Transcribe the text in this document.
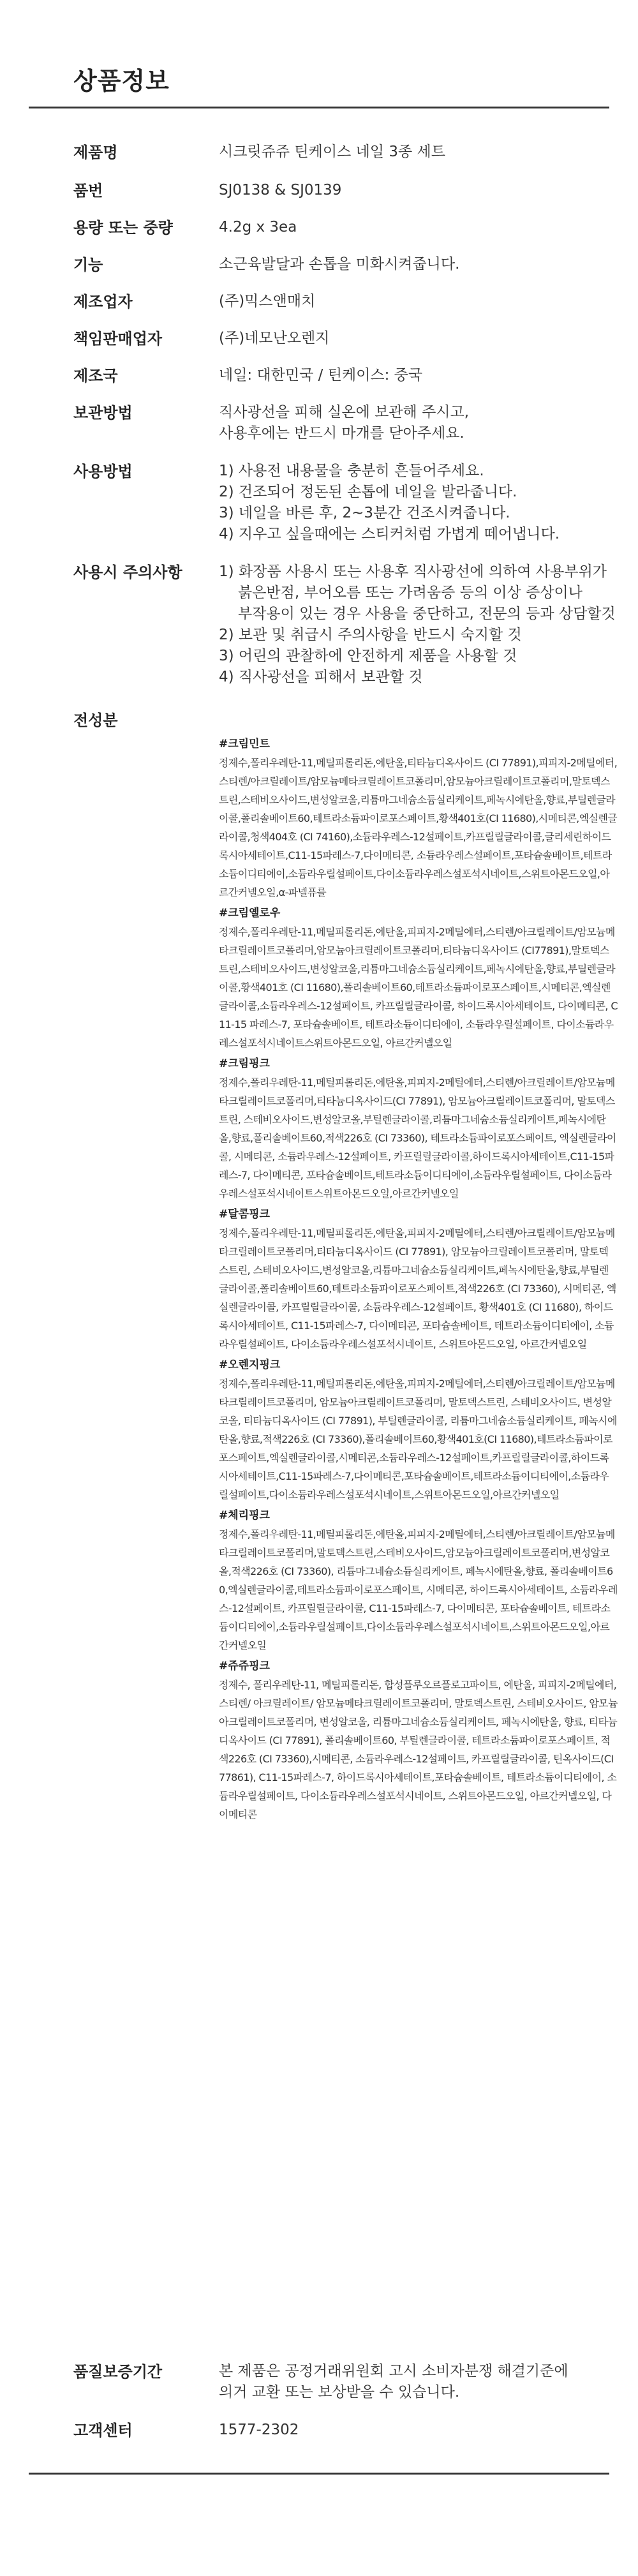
상품정보
제품명	시크릿쥬쥬 틴케이스 네일 3종 세트
품번	SJ0138 & SJ0139
용량 또는 중량	4.2g x 3ea
기능	소근육발달과 손톱을 미화시켜줍니다.
제조업자	(주)믹스앤매치
책임판매업자	(주)네모난오렌지
제조국	네일: 대한민국 / 틴케이스: 중국
보관방법	직사광선을 피해 실온에 보관해 주시고,
사용후에는 반드시 마개를 닫아주세요.
사용방법	1) 사용전 내용물을 충분히 흔들어주세요.
2) 건조되어 정돈된 손톱에 네일을 발라줍니다.
3) 네일을 바른 후, 2~3분간 건조시켜줍니다.
4) 지우고 싶을때에는 스티커처럼 가볍게 떼어냅니다.
사용시 주의사항 1) 화장품 사용시 또는 사용후 직사광선에 의하여 사용부위가
붉은반점, 부어오름 또는 가려움증 등의 이상 증상이나
부작용이 있는 경우 사용을 중단하고, 전문의 등과 상담할것
2) 보관 및 취급시 주의사항을 반드시 숙지할 것
3) 어린의 관찰하에 안전하게 제품을 사용할 것
4) 직사광선을 피해서 보관할 것
전성분
#크림민트
정제수,폴리우레탄-11,메틸피롤리돈,에탄올,티타늄디옥사이드 (CI 77891),피피지-2메틸에터,스티렌/아크릴레이트/암모늄메타크릴레이트코폴리머,암모늄아크릴레이트코폴리머,말토덱스트린,스테비오사이드,변성알코올,리튬마그네슘소듐실리케이트,페녹시에탄올,향료,부틸렌글라이콜,폴리솔베이트60,테트라소듐파이로포스페이트,황색401호(CI 11680),시메티콘,엑실렌글라이콜,청색404호 (CI 74160),소듐라우레스-12설페이트,카프릴릴글라이콜,글리세린하이드록시아세테이트,C11-15파레스-7,다이메티콘, 소듐라우레스설페이트,포타슘솔베이트,테트라소듐이디티에이,소듐라우릴설페이트,다이소듐라우레스설포석시네이트,스위트아몬드오일,아르간커넬오일,α-파넬퓨를
#크림옐로우
정제수,폴리우레탄-11,메틸피롤리돈,에탄올,피피지-2메틸에터,스티렌/아크릴레이트/암모늄메타크릴레이트코폴리머,암모늄아크릴레이트코폴리머,티타늄디옥사이드 (CI77891),말토덱스트린,스테비오사이드,변성알코올,리튬마그네슘소듐실리케이트,페녹시에탄올,향료,부틸렌글라이콜,황색401호 (CI 11680),폴리솔베이트60,테트라소듐파이로포스페이트,시메티콘,엑실렌글라이콜,소듐라우레스-12설페이트, 카프릴릴글라이콜, 하이드록시아세테이트, 다이메티콘, C11-15 파레스-7, 포타슘솔베이트, 테트라소듐이디티에이, 소듐라우릴설페이트, 다이소듐라우레스설포석시네이트스위트아몬드오일, 아르간커넬오일
#크림핑크
정제수,폴리우레탄-11,메틸피롤리돈,에탄올,피피지-2메틸에터,스티렌/아크릴레이트/암모늄메타크릴레이트코폴리머,티타늄디옥사이드(CI 77891), 암모늄아크릴레이트코폴리머, 말토덱스트린, 스테비오사이드,변성알코올,부틸렌글라이콜,리튬마그네슘소듐실리케이트,페녹시에탄올,향료,폴리솔베이트60,적색226호 (CI 73360), 테트라소듐파이로포스페이트, 엑실렌글라이콜, 시메티콘, 소듐라우레스-12설페이트, 카프릴릴글라이콜,하이드록시아세테이트,C11-15파레스-7, 다이메티콘, 포타슘솔베이트,테트라소듐이디티에이,소듐라우릴설페이트, 다이소듐라우레스설포석시네이트스위트아몬드오일,아르간커넬오일
#달콤핑크
정제수,폴리우레탄-11,메틸피롤리돈,에탄올,피피지-2메틸에터,스티렌/아크릴레이트/암모늄메타크릴레이트코폴리머,티타늄디옥사이드 (CI 77891), 암모늄아크릴레이트코폴리머, 말토덱스트린, 스테비오사이드,변성알코올,리튬마그네슘소듐실리케이트,페녹시에탄올,향료,부틸렌글라이콜,폴리솔베이트60,테트라소듐파이로포스페이트,적색226호 (CI 73360), 시메티콘, 엑실렌글라이콜, 카프릴릴글라이콜, 소듐라우레스-12설페이트, 황색401호 (CI 11680), 하이드록시아세테이트, C11-15파레스-7, 다이메티콘, 포타슘솔베이트, 테트라소듐이디티에이, 소듐라우릴설페이트, 다이소듐라우레스설포석시네이트, 스위트아몬드오일, 아르간커넬오일
#오렌지핑크
정제수,폴리우레탄-11,메틸피롤리돈,에탄올,피피지-2메틸에터,스티렌/아크릴레이트/암모늄메타크릴레이트코폴리머, 암모늄아크릴레이트코폴리머, 말토덱스트린, 스테비오사이드, 변성알코올, 티타늄디옥사이드 (CI 77891), 부틸렌글라이콜, 리튬마그네슘소듐실리케이트, 페녹시에탄올,향료,적색226호 (CI 73360),폴리솔베이트60,황색401호(CI 11680),테트라소듐파이로포스페이트,엑실렌글라이콜,시메티콘,소듐라우레스-12설페이트,카프릴릴글라이콜,하이드록시아세테이트,C11-15파레스-7,다이메티콘,포타슘솔베이트,테트라소듐이디티에이,소듐라우릴설페이트,다이소듐라우레스설포석시네이트,스위트아몬드오일,아르간커넬오일
#체리핑크
정제수,폴리우레탄-11,메틸피롤리돈,에탄올,피피지-2메틸에터,스티렌/아크릴레이트/암모늄메타크릴레이트코폴리머,말토덱스트린,스테비오사이드,암모늄아크릴레이트코폴리머,변성알코올,적색226호 (CI 73360), 리튬마그네슘소듐실리케이트, 페녹시에탄올,향료, 폴리솔베이트60,엑실렌글라이콜,테트라소듐파이로포스페이트, 시메티콘, 하이드록시아세테이트, 소듐라우레스-12설페이트, 카프릴릴글라이콜, C11-15파레스-7, 다이메티콘, 포타슘솔베이트, 테트라소듐이디티에이,소듐라우릴설페이트,다이소듐라우레스설포석시네이트,스위트아몬드오일,아르간커넬오일
#쥬쥬핑크
정제수, 폴리우레탄-11, 메틸피롤리돈, 합성플루오르플로고파이트, 에탄올, 피피지-2메틸에터, 스티렌/ 아크릴레이트/ 암모늄메타크릴레이트코폴리머, 말토덱스트린, 스테비오사이드, 암모늄아크릴레이트코폴리머, 변성알코올, 리튬마그네슘소듐실리케이트, 페녹시에탄올, 향료, 티타늄디옥사이드 (CI 77891), 폴리솔베이트60, 부틸렌글라이콜, 테트라소듐파이로포스페이트, 적색226호 (CI 73360),시메티콘, 소듐라우레스-12설페이트, 카프릴릴글라이콜, 틴옥사이드(CI 77861), C11-15파레스-7, 하이드록시아세테이트,포타슘솔베이트, 테트라소듐이디티에이, 소듐라우릴설페이트, 다이소듐라우레스설포석시네이트, 스위트아몬드오일, 아르간커넬오일, 다이메티콘
품질보증기간	본 제품은 공정거래위원회 고시 소비자분쟁 해결기준에
의거 교환 또는 보상받을 수 있습니다.
고객센터	1577-2302
